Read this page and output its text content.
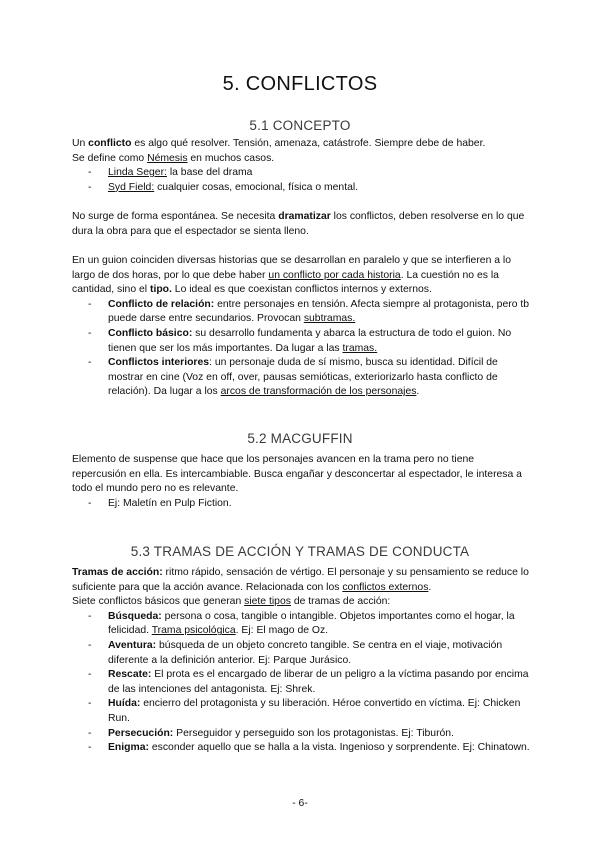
5. CONFLICTOS
5.1 CONCEPTO

Un conflicto es algo qué resolver. Tensión, amenaza, catástrofe. Siempre debe de haber.
Se define como Némesis en muchos casos.

- Linda Seger: la base del drama
- Syd Field: cualquier cosas, emocional, física o mental.

No surge de forma espontánea. Se necesita dramatizar los conflictos, deben resolverse en lo que dura la obra para que el espectador se sienta lleno.

En un guion coinciden diversas historias que se desarrollan en paralelo y que se interfieren a lo largo de dos horas, por lo que debe haber un conflicto por cada historia. La cuestión no es la cantidad, sino el tipo. Lo ideal es que coexistan conflictos internos y externos.

- Conflicto de relación: entre personajes en tensión. Afecta siempre al protagonista, pero tb puede darse entre secundarios. Provocan subtramas.
- Conflicto básico: su desarrollo fundamenta y abarca la estructura de todo el guion. No tienen que ser los más importantes. Da lugar a las tramas.
- Conflictos interiores: un personaje duda de sí mismo, busca su identidad. Difícil de mostrar en cine (Voz en off, over, pausas semióticas, exteriorizarlo hasta conflicto de relación). Da lugar a los arcos de transformación de los personajes.
5.2 MACGUFFIN

Elemento de suspense que hace que los personajes avancen en la trama pero no tiene repercusión en ella. Es intercambiable. Busca engañar y desconcertar al espectador, le interesa a todo el mundo pero no es relevante.

- Ej: Maletín en Pulp Fiction.
5.3 TRAMAS DE ACCIÓN Y TRAMAS DE CONDUCTA

Tramas de acción: ritmo rápido, sensación de vértigo. El personaje y su pensamiento se reduce lo suficiente para que la acción avance. Relacionada con los conflictos externos.

Siete conflictos básicos que generan siete tipos de tramas de acción:

- Búsqueda: persona o cosa, tangible o intangible. Objetos importantes como el hogar, la felicidad. Trama psicológica. Ej: El mago de Oz.
- Aventura: búsqueda de un objeto concreto tangible. Se centra en el viaje, motivación diferente a la definición anterior. Ej: Parque Jurásico.
- Rescate: El prota es el encargado de liberar de un peligro a la víctima pasando por encima de las intenciones del antagonista. Ej: Shrek.
- Huída: encierro del protagonista y su liberación. Héroe convertido en víctima. Ej: Chicken Run.
- Persecución: Perseguidor y perseguido son los protagonistas. Ej: Tiburón.
- Enigma: esconder aquello que se halla a la vista. Ingenioso y sorprendente. Ej: Chinatown.
- 6-
